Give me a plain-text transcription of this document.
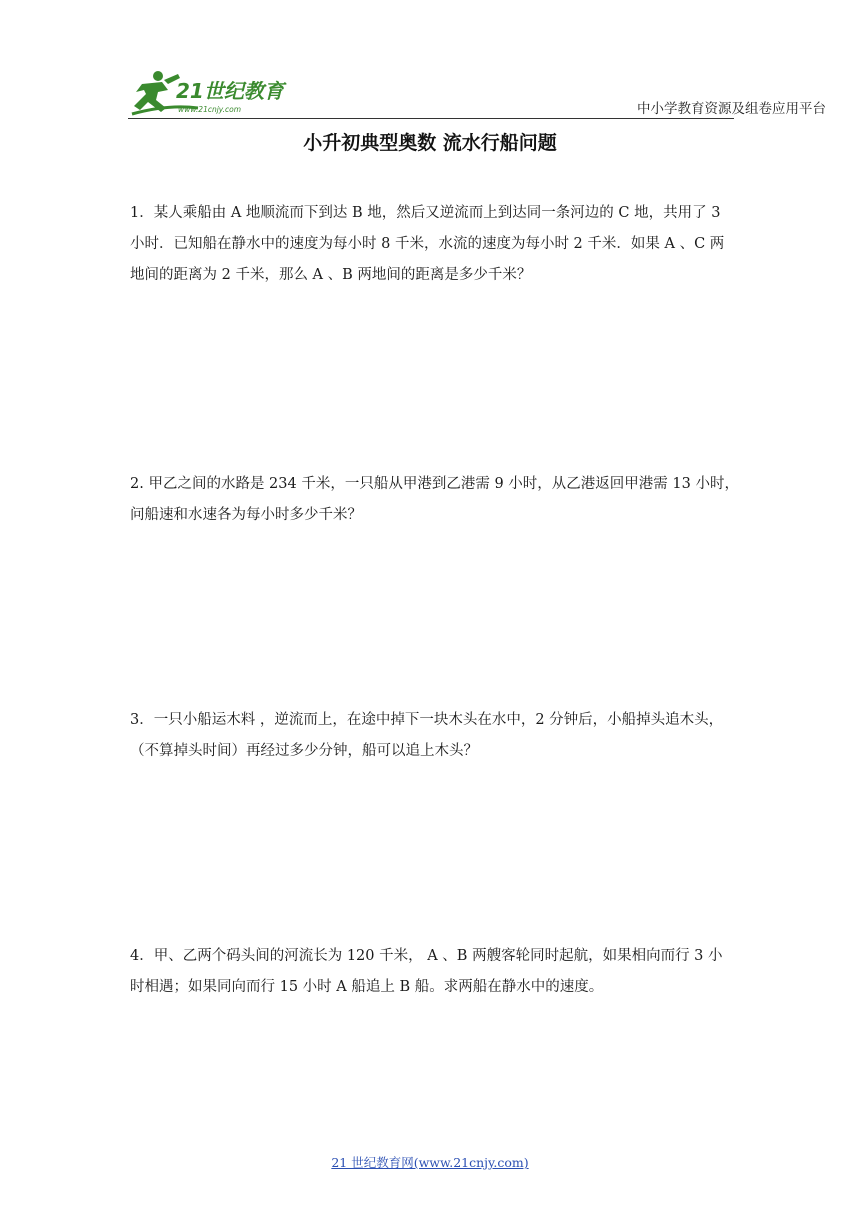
21世纪教育
www.21cnjy.com	中小学教育资源及组卷应用平台
小升初典型奥数 流水行船问题
1．某人乘船由 A 地顺流而下到达 B 地，然后又逆流而上到达同一条河边的 C 地，共用了 3
小时．已知船在静水中的速度为每小时 8 千米，水流的速度为每小时 2 千米．如果 A 、C 两
地间的距离为 2 千米，那么 A 、B 两地间的距离是多少千米？
2. 甲乙之间的水路是 234 千米，一只船从甲港到乙港需 9 小时，从乙港返回甲港需 13 小时，
问船速和水速各为每小时多少千米？
3．一只小船运木料 ，逆流而上，在途中掉下一块木头在水中，2 分钟后，小船掉头追木头，
（不算掉头时间）再经过多少分钟，船可以追上木头？
4．甲、乙两个码头间的河流长为 120 千米， A 、B 两艘客轮同时起航，如果相向而行 3 小
时相遇；如果同向而行 15 小时 A 船追上 B 船。求两船在静水中的速度。
21 世纪教育网(www.21cnjy.com)
